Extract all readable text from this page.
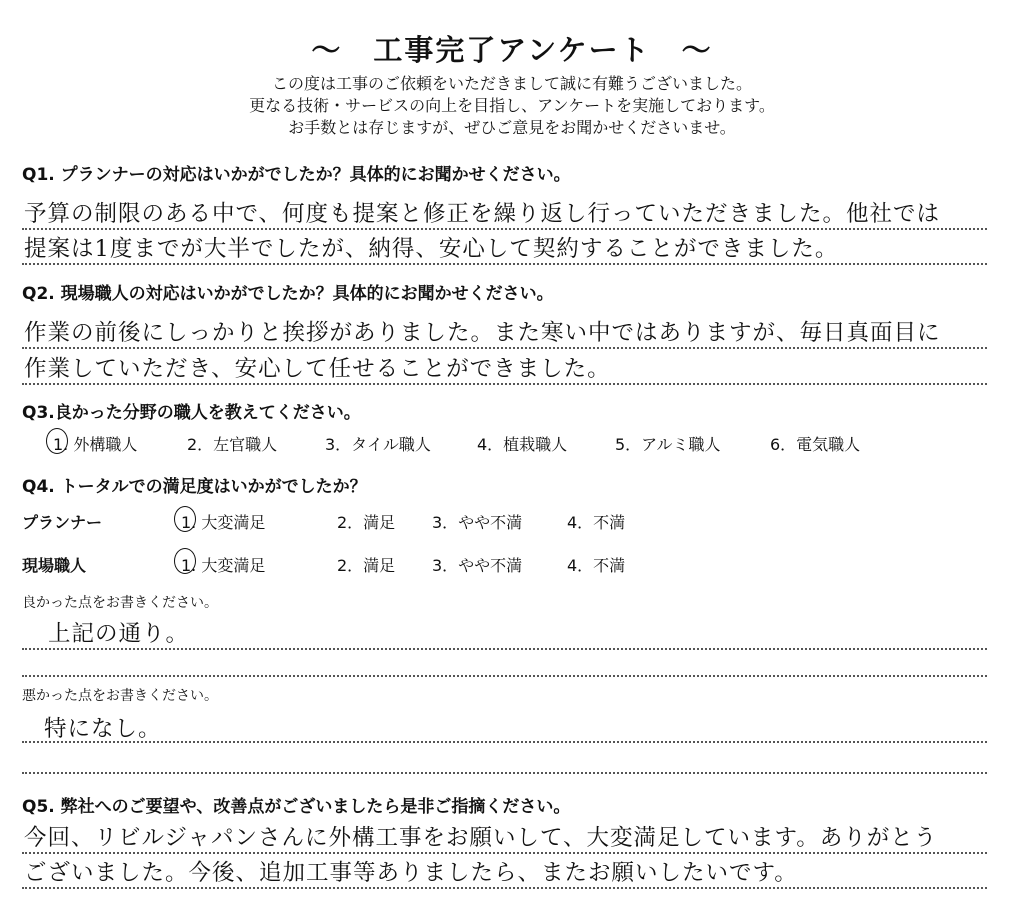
～　工事完了アンケート　～
この度は工事のご依頼をいただきまして誠に有難うございました。
更なる技術・サービスの向上を目指し、アンケートを実施しております。
お手数とは存じますが、ぜひご意見をお聞かせくださいませ。
Q1. プランナーの対応はいかがでしたか？具体的にお聞かせください。
予算の制限のある中で、何度も提案と修正を繰り返し行っていただきました。他社では
提案は1度までが大半でしたが、納得、安心して契約することができました。
Q2. 現場職人の対応はいかがでしたか？具体的にお聞かせください。
作業の前後にしっかりと挨拶がありました。また寒い中ではありますが、毎日真面目に
作業していただき、安心して任せることができました。
Q3.良かった分野の職人を教えてください。
1. 外構職人	2．左官職人	3．タイル職人	4．植栽職人	5．アルミ職人	6．電気職人
Q4. トータルでの満足度はいかがでしたか？
プランナー	1. 大変満足	2．満足 3．やや不満	4．不満
現場職人	1. 大変満足	2．満足 3．やや不満	4．不満
良かった点をお書きください。
上記の通り。
悪かった点をお書きください。
特になし。
Q5. 弊社へのご要望や、改善点がございましたら是非ご指摘ください。
今回、リビルジャパンさんに外構工事をお願いして、大変満足しています。ありがとう
ございました。今後、追加工事等ありましたら、またお願いしたいです。
